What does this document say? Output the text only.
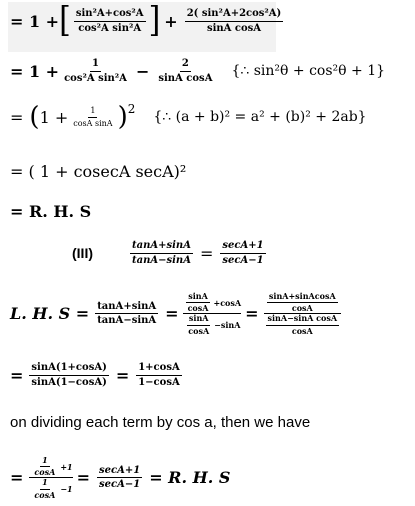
= 1 + [ $\frac{\text{sin²A+cos²A}}{\text{cos²A sin²A}}$ ] + $\frac{\text{2( sin²A+2cos²A)}}{\text{sinA cosA}}$
= $1 + \frac{1}{\text{cos²A sin²A}} - \frac{2}{\text{sinA cosA}}$ {∴ sin²θ + cos²θ + 1}
= ( $1 + \frac{1}{\text{cosA sinA}}$ ) 2 {∴ (a + b)² = a² + (b)² + 2ab}
= ( 1 + cosecA secA)²
= R. H. S
(III)	$\frac{\tan A+\sin A}{\tan A-\sin A} = \frac{\sec A+1}{\sec A-1}$
L. H. $S = \frac{\tan A+\sin A}{\tan A-\sin A} = \frac{\frac{\sin A}{\cos A} +\cos A}{\frac{\sin A}{\cos A} -\sin A} = \frac{\frac{\text{sinA+sinAcosA}}{\cos A}}{\frac{\text{sinA−sinA cosA}}{\cos A}}$
= $\frac{\sin A(1+\cos A)}{\sin A(1-\cos A)} = \frac{1+\cos A}{1-\cos A}$
on dividing each term by cos a, then we have
= $\frac{\frac{1}{\cos A} +1}{\frac{1}{\cos A} -1} = \frac{\sec A+1}{\sec A-1} = R$. H. S
